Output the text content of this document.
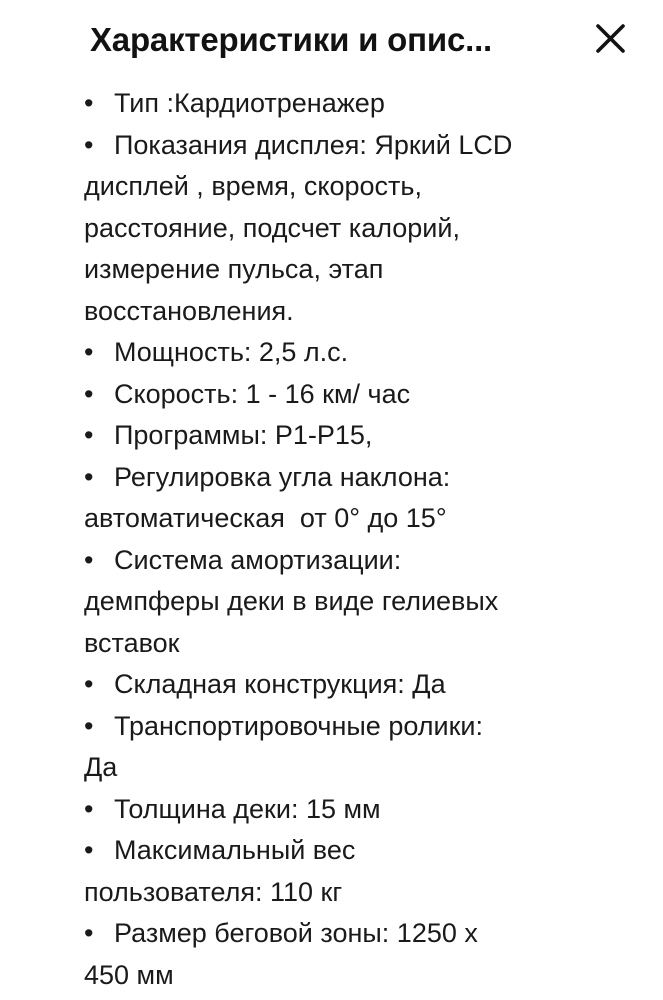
Характеристики и опис...
• Тип :Кардиотренажер
• Показания дисплея: Яркий LCD
дисплей , время, скорость,
расстояние, подсчет калорий,
измерение пульса, этап
восстановления.
• Мощность: 2,5 л.с.
• Скорость: 1 - 16 км/ час
• Программы: P1-P15,
• Регулировка угла наклона:
автоматическая  от 0° до 15°
• Система амортизации:
демпферы деки в виде гелиевых
вставок
• Складная конструкция: Да
• Транспортировочные ролики:
Да
• Толщина деки: 15 мм
• Максимальный вес
пользователя: 110 кг
• Размер беговой зоны: 1250 х
450 мм
